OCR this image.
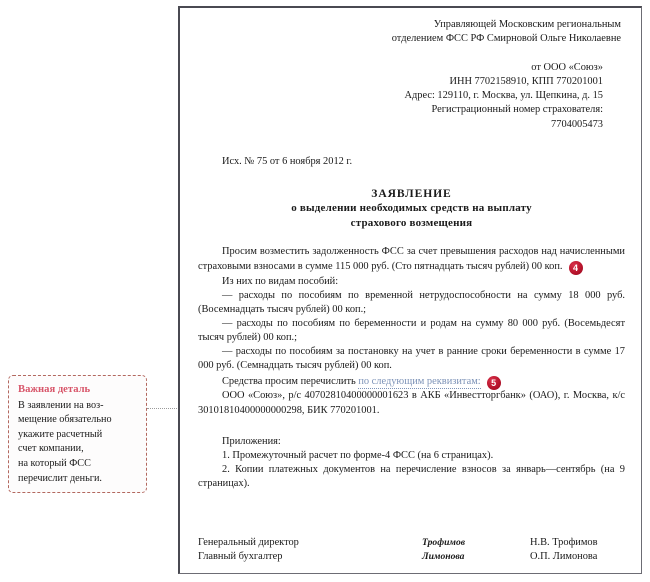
Важная деталь
В заявлении на воз-
мещение обязательно
укажите расчетный
счет компании,
на который ФСС
перечислит деньги.
Управляющей Московским региональным
отделением ФСС РФ Смирновой Ольге Николаевне
от ООО «Союз»
ИНН 7702158910, КПП 770201001
Адрес: 129110, г. Москва, ул. Щепкина, д. 15
Регистрационный номер страхователя:
7704005473
Исх. № 75 от 6 ноября 2012 г.
ЗАЯВЛЕНИЕ
о выделении необходимых средств на выплату
страхового возмещения

Просим возместить задолженность ФСС за счет превышения расходов над начисленными страховыми взносами в сумме 115 000 руб. (Сто пятнадцать тысяч рублей) 00 коп. 4

Из них по видам пособий:

— расходы по пособиям по временной нетрудоспособности на сумму 18 000 руб. (Восемнадцать тысяч рублей) 00 коп.;

— расходы по пособиям по беременности и родам на сумму 80 000 руб. (Восемьдесят тысяч рублей) 00 коп.;

— расходы по пособиям за постановку на учет в ранние сроки беременности в сумме 17 000 руб. (Семнадцать тысяч рублей) 00 коп.

Средства просим перечислить по следующим реквизитам: 5

ООО «Союз», р/с 40702810400000001623 в АКБ «Инвестторгбанк» (ОАО), г. Москва, к/с 30101810400000000298, БИК 770201001.

Приложения:

1. Промежуточный расчет по форме-4 ФСС (на 6 страницах).

2. Копии платежных документов на перечисление взносов за январь—сентябрь (на 9 страницах).

Генеральный директор	Трофимов	Н.В. Трофимов
Главный бухгалтер	Лимонова	О.П. Лимонова
